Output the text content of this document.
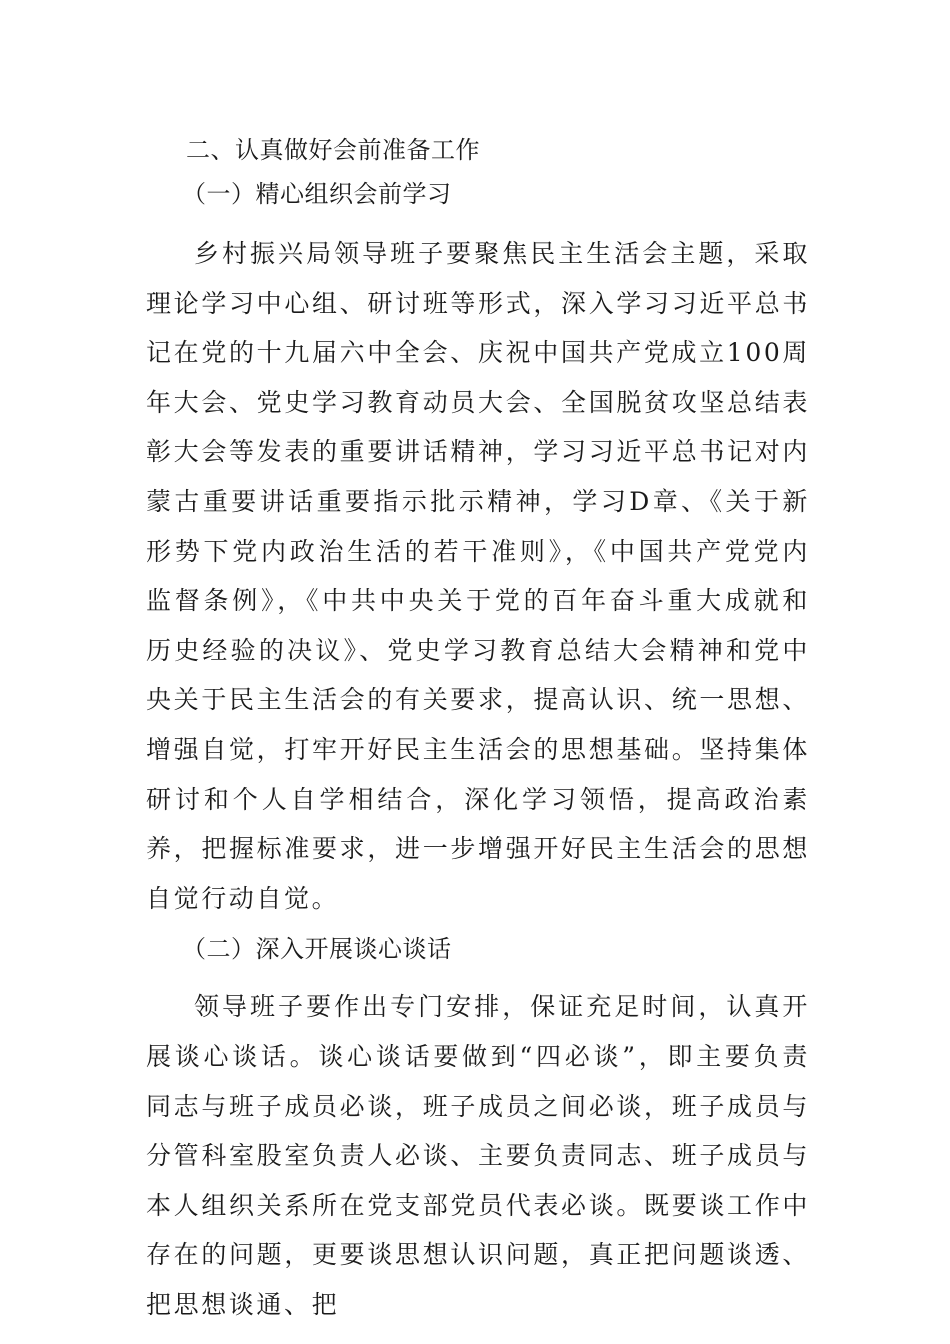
二、认真做好会前准备工作
（一）精心组织会前学习

乡村振兴局领导班子要聚焦民主生活会主题，采取理论学习中心组、研讨班等形式，深入学习习近平总书记在党的十九届六中全会、庆祝中国共产党成立100周年大会、党史学习教育动员大会、全国脱贫攻坚总结表彰大会等发表的重要讲话精神，学习习近平总书记对内蒙古重要讲话重要指示批示精神，学习D章、《关于新形势下党内政治生活的若干准则》，《中国共产党党内监督条例》，《中共中央关于党的百年奋斗重大成就和历史经验的决议》、党史学习教育总结大会精神和党中央关于民主生活会的有关要求，提高认识、统一思想、增强自觉，打牢开好民主生活会的思想基础。坚持集体研讨和个人自学相结合，深化学习领悟，提高政治素养，把握标准要求，进一步增强开好民主生活会的思想自觉行动自觉。

（二）深入开展谈心谈话

领导班子要作出专门安排，保证充足时间，认真开展谈心谈话。谈心谈话要做到“四必谈”，即主要负责同志与班子成员必谈，班子成员之间必谈，班子成员与分管科室股室负责人必谈、主要负责同志、班子成员与本人组织关系所在党支部党员代表必谈。既要谈工作中存在的问题，更要谈思想认识问题，真正把问题谈透、把思想谈通、把
